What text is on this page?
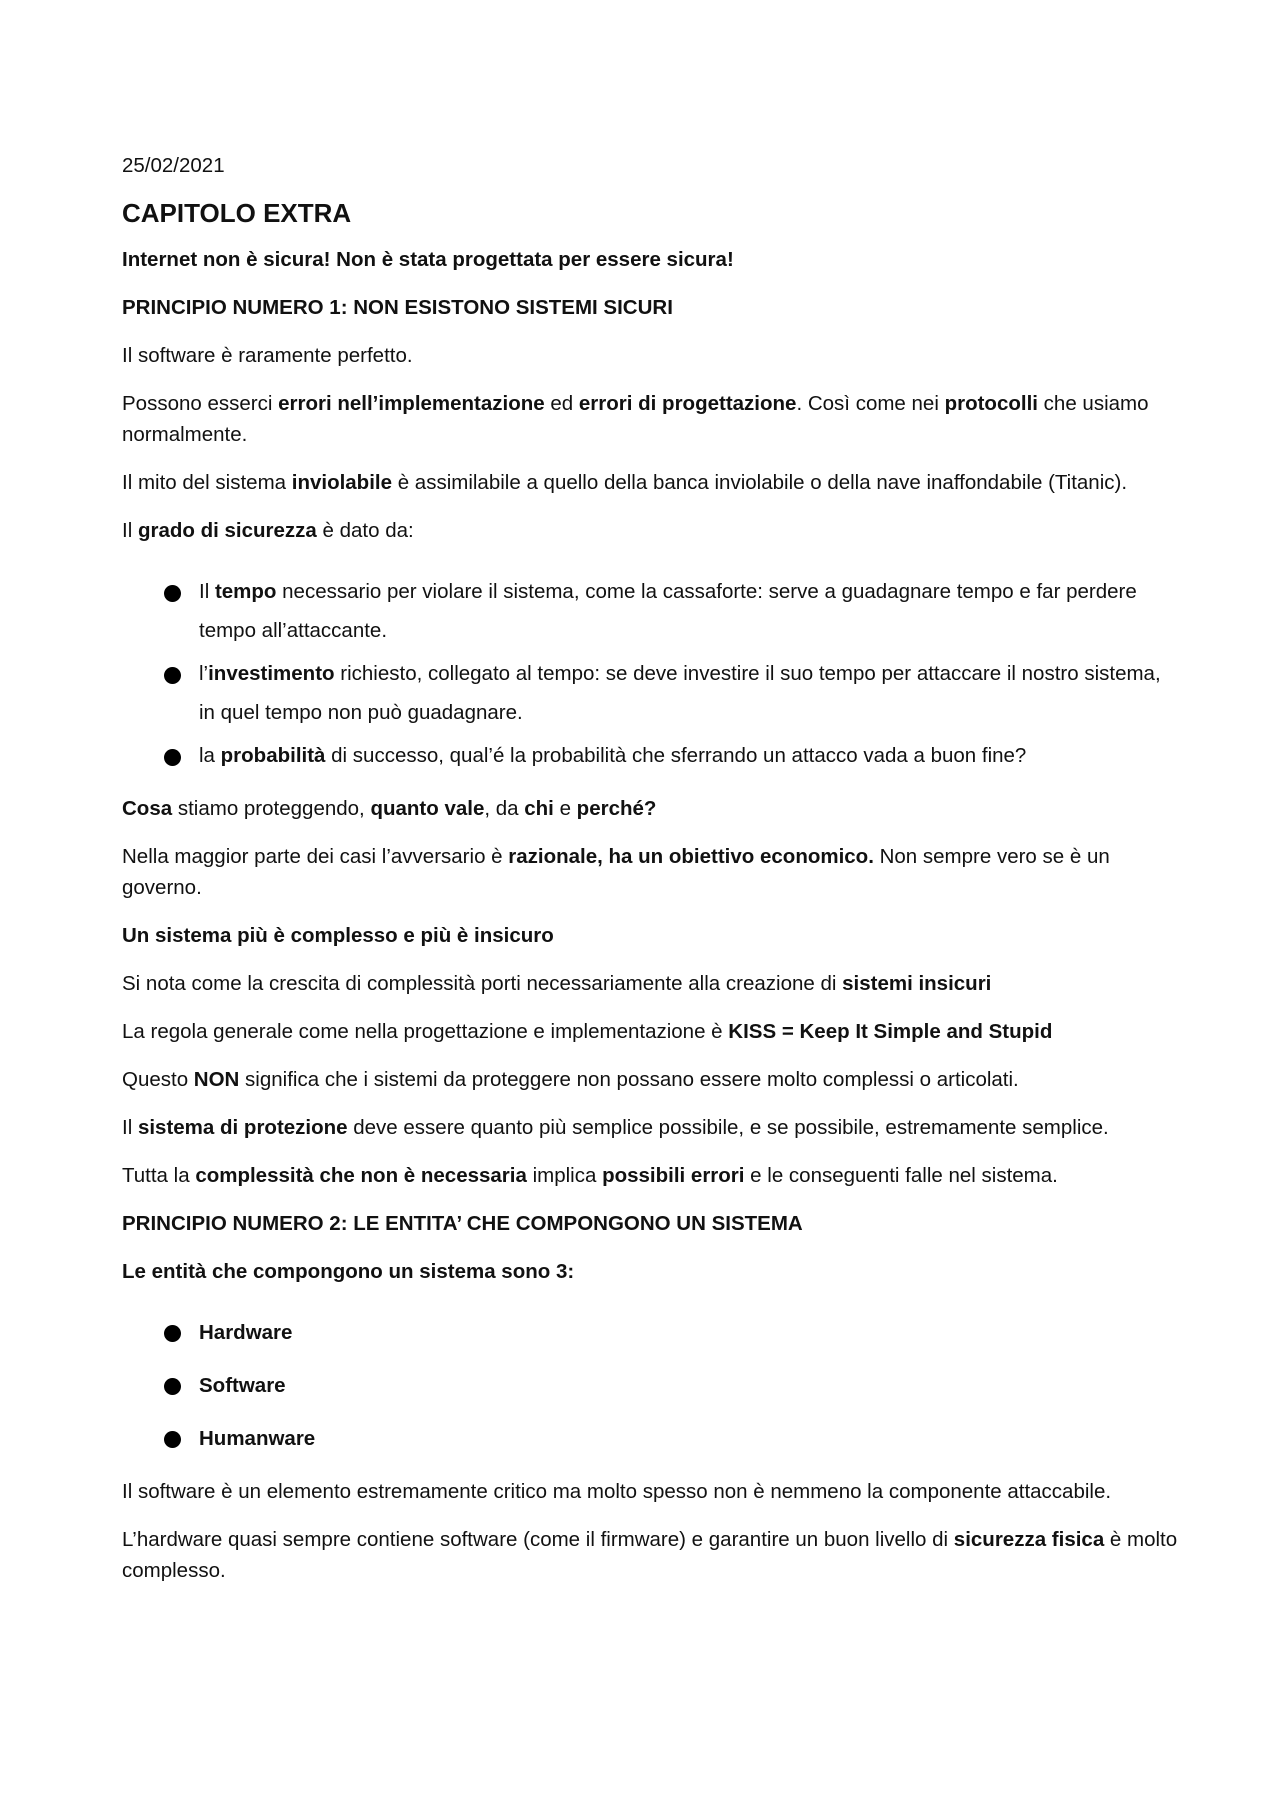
25/02/2021

CAPITOLO EXTRA

Internet non è sicura! Non è stata progettata per essere sicura!

PRINCIPIO NUMERO 1: NON ESISTONO SISTEMI SICURI

Il software è raramente perfetto.

Possono esserci errori nell’implementazione ed errori di progettazione. Così come nei protocolli che usiamo normalmente.

Il mito del sistema inviolabile è assimilabile a quello della banca inviolabile o della nave inaffondabile (Titanic).

Il grado di sicurezza è dato da:

Il tempo necessario per violare il sistema, come la cassaforte: serve a guadagnare tempo e far perdere tempo all’attaccante.
l’investimento richiesto, collegato al tempo: se deve investire il suo tempo per attaccare il nostro sistema, in quel tempo non può guadagnare.
la probabilità di successo, qual’é la probabilità che sferrando un attacco vada a buon fine?

Cosa stiamo proteggendo, quanto vale, da chi e perché?

Nella maggior parte dei casi l’avversario è razionale, ha un obiettivo economico. Non sempre vero se è un governo.

Un sistema più è complesso e più è insicuro

Si nota come la crescita di complessità porti necessariamente alla creazione di sistemi insicuri

La regola generale come nella progettazione e implementazione è KISS = Keep It Simple and Stupid

Questo NON significa che i sistemi da proteggere non possano essere molto complessi o articolati.

Il sistema di protezione deve essere quanto più semplice possibile, e se possibile, estremamente semplice.

Tutta la complessità che non è necessaria implica possibili errori e le conseguenti falle nel sistema.

PRINCIPIO NUMERO 2: LE ENTITA’ CHE COMPONGONO UN SISTEMA

Le entità che compongono un sistema sono 3:

Hardware
Software
Humanware

Il software è un elemento estremamente critico ma molto spesso non è nemmeno la componente attaccabile.

L’hardware quasi sempre contiene software (come il firmware) e garantire un buon livello di sicurezza fisica è molto complesso.
